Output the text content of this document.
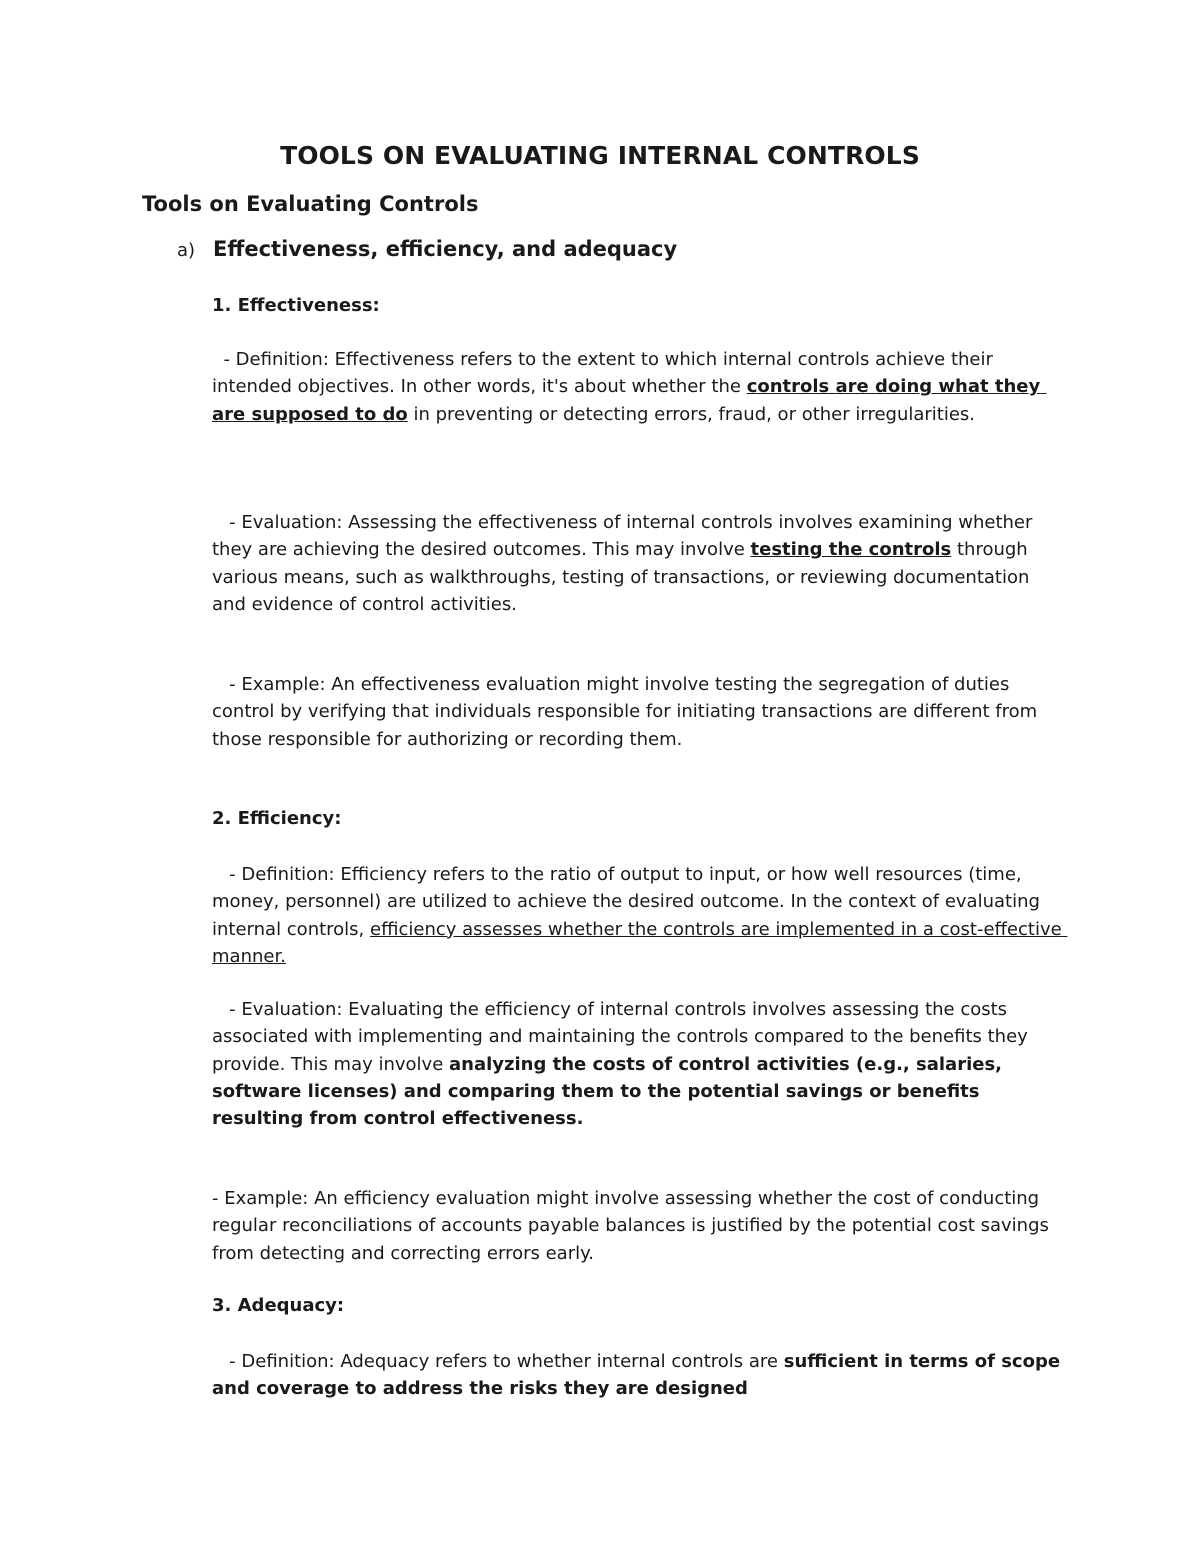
TOOLS ON EVALUATING INTERNAL CONTROLS
Tools on Evaluating Controls
a) Effectiveness, efficiency, and adequacy

1. Effectiveness:

- Definition: Effectiveness refers to the extent to which internal controls achieve their intended objectives. In other words, it's about whether the controls are doing what they are supposed to do in preventing or detecting errors, fraud, or other irregularities.

- Evaluation: Assessing the effectiveness of internal controls involves examining whether they are achieving the desired outcomes. This may involve testing the controls through various means, such as walkthroughs, testing of transactions, or reviewing documentation and evidence of control activities.

- Example: An effectiveness evaluation might involve testing the segregation of duties control by verifying that individuals responsible for initiating transactions are different from those responsible for authorizing or recording them.

2. Efficiency:

- Definition: Efficiency refers to the ratio of output to input, or how well resources (time, money, personnel) are utilized to achieve the desired outcome. In the context of evaluating internal controls, efficiency assesses whether the controls are implemented in a cost-effective manner.

- Evaluation: Evaluating the efficiency of internal controls involves assessing the costs associated with implementing and maintaining the controls compared to the benefits they provide. This may involve analyzing the costs of control activities (e.g., salaries, software licenses) and comparing them to the potential savings or benefits resulting from control effectiveness.

- Example: An efficiency evaluation might involve assessing whether the cost of conducting regular reconciliations of accounts payable balances is justified by the potential cost savings from detecting and correcting errors early.

3. Adequacy:

- Definition: Adequacy refers to whether internal controls are sufficient in terms of scope and coverage to address the risks they are designed
